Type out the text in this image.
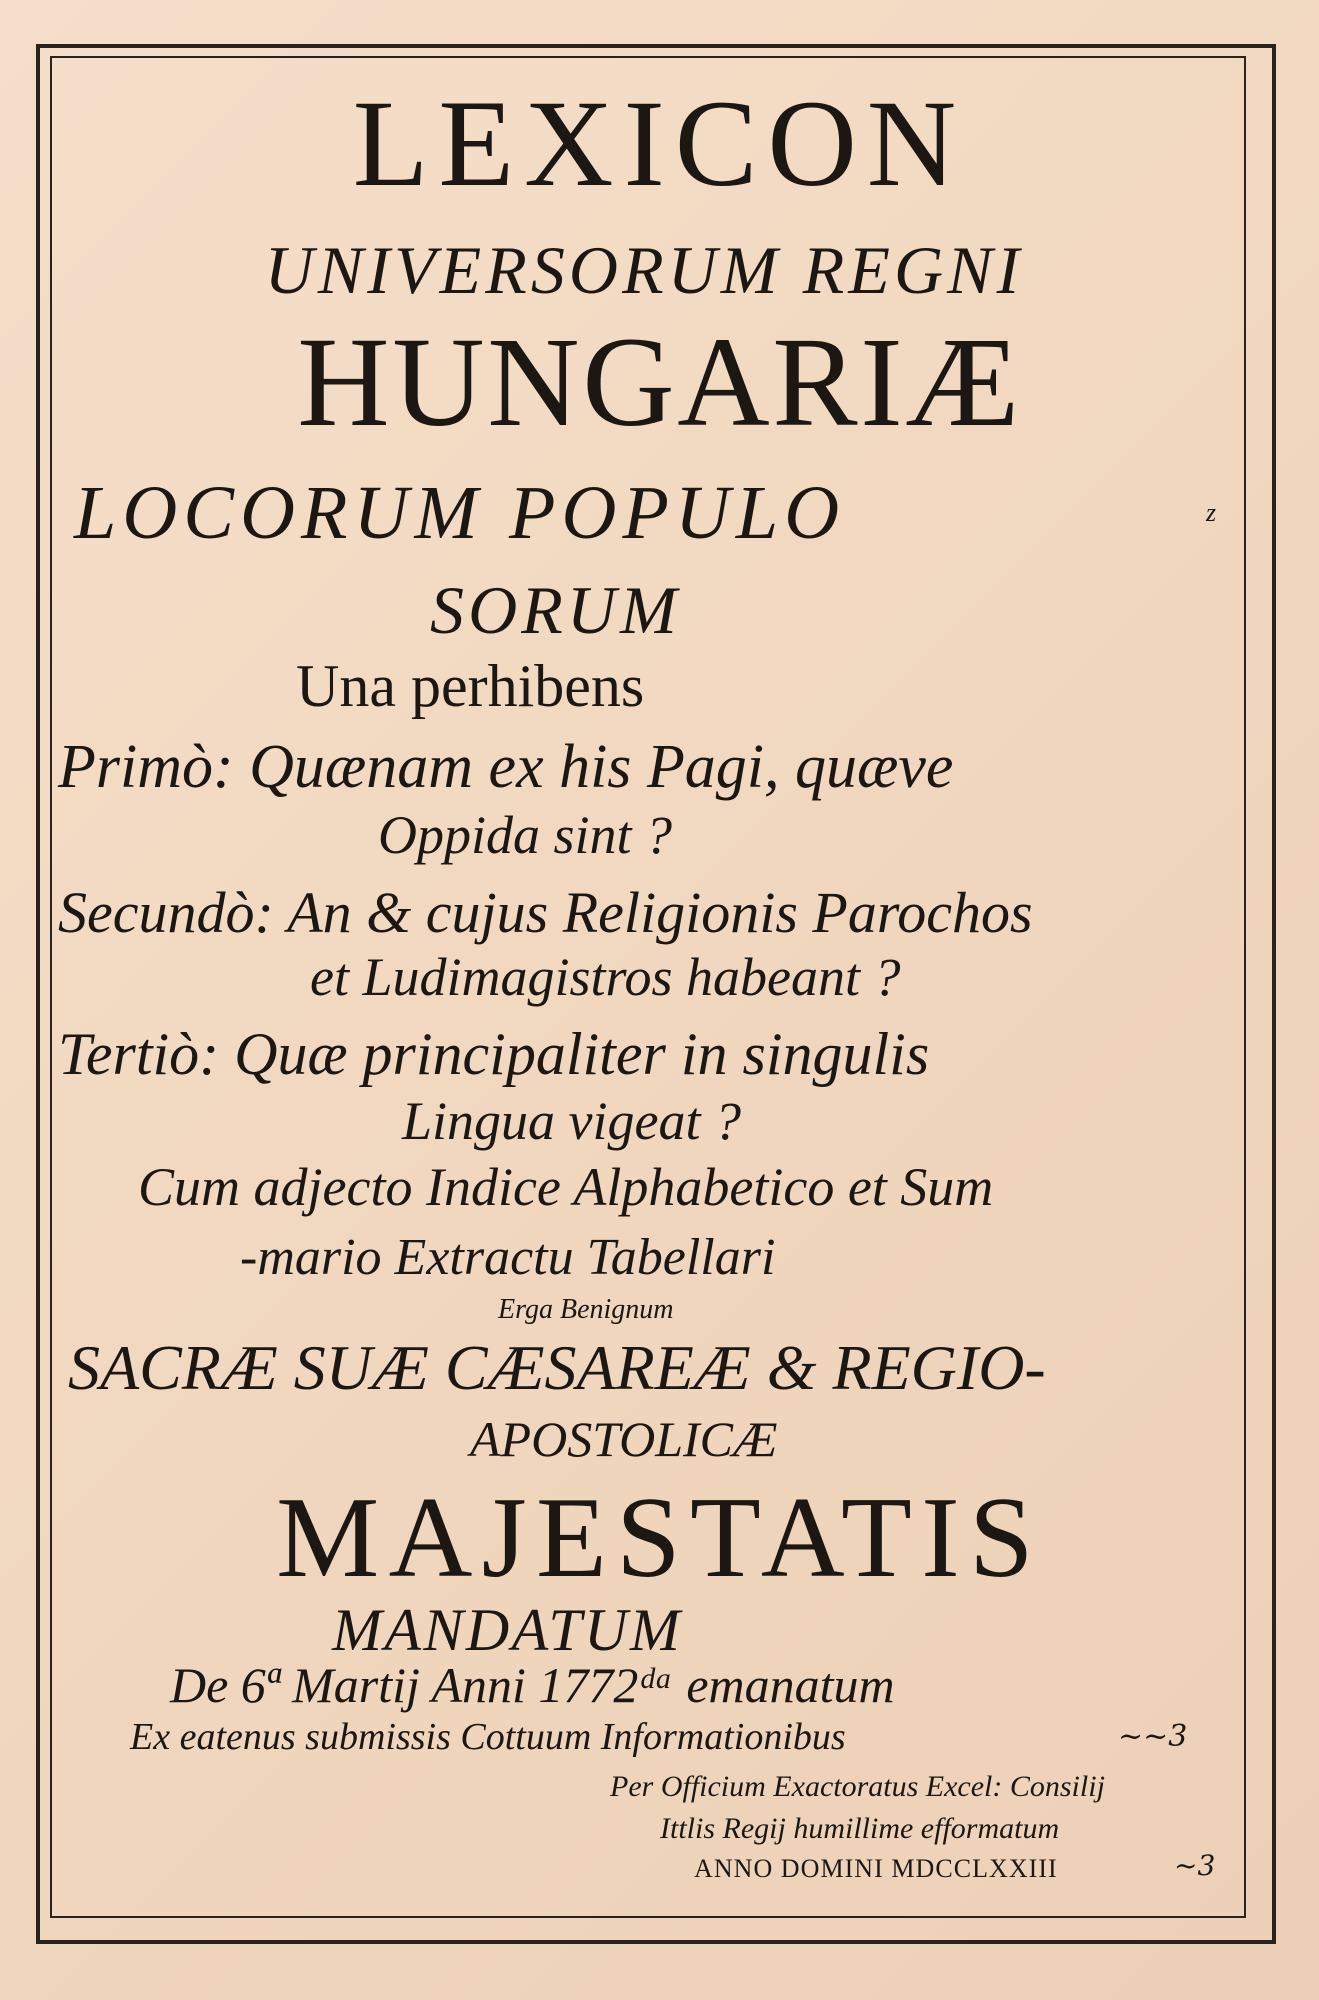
LEXICON
UNIVERSORUM REGNI
HUNGARIÆ
LOCORUM POPULO	z
SORUM
Una perhibens
Primò: Quænam ex his Pagi, quæve
Oppida sint ?
Secundò: An & cujus Religionis Parochos
et Ludimagistros habeant ?
Tertiò: Quæ principaliter in singulis
Lingua vigeat ?
Cum adjecto Indice Alphabetico et Sum
-mario Extractu Tabellari
Erga Benignum
SACRÆ SUÆ CÆSAREÆ & REGIO-
APOSTOLICÆ
MAJESTATIS
MANDATUM
De 6ª Martij Anni 1772ᵈᵃ emanatum
Ex eatenus submissis Cottuum Informationibus	~~3
Per Officium Exactoratus Excel: Consilij
Ittlis Regij humillime efformatum
ANNO DOMINI MDCCLXXIII	~3
